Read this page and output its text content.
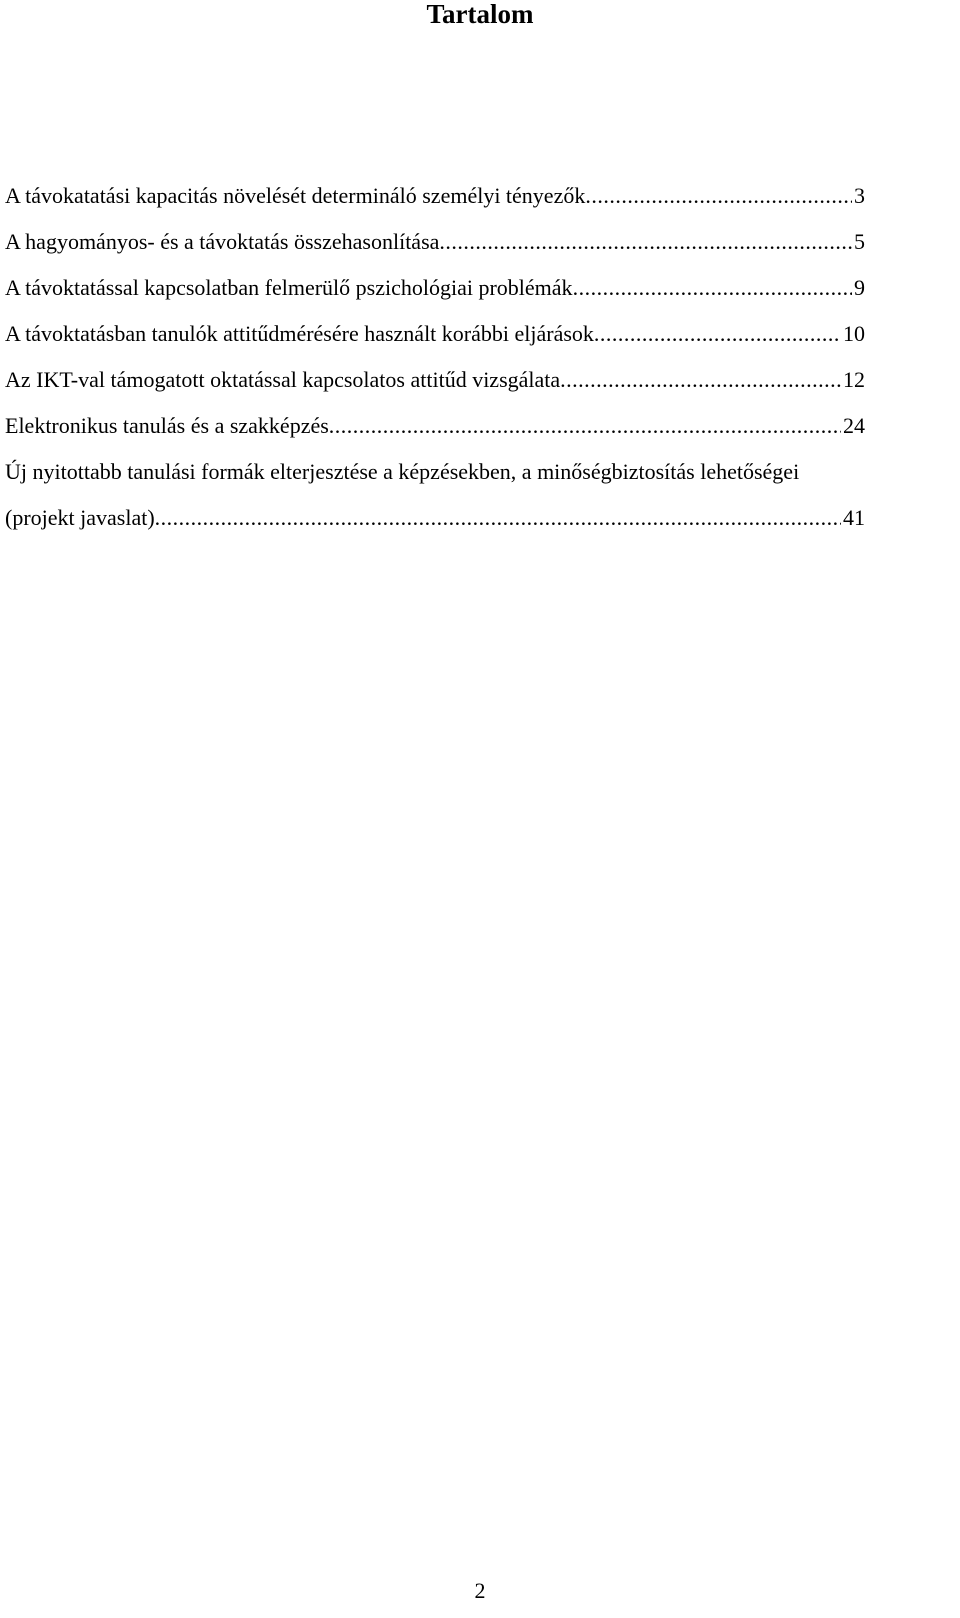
Tartalom
A távokatatási kapacitás növelését determináló személyi tényezők .....	3
A hagyományos- és a távoktatás összehasonlítása .....	5
A távoktatással kapcsolatban felmerülő pszichológiai problémák .....	9
A távoktatásban tanulók attitűdmérésére használt korábbi eljárások .....	10
Az IKT-val támogatott oktatással kapcsolatos attitűd vizsgálata .....	12
Elektronikus tanulás és a szakképzés .....	24
Új nyitottabb tanulási formák elterjesztése a képzésekben, a minőségbiztosítás lehetőségei
(projekt javaslat) .....	41
2
